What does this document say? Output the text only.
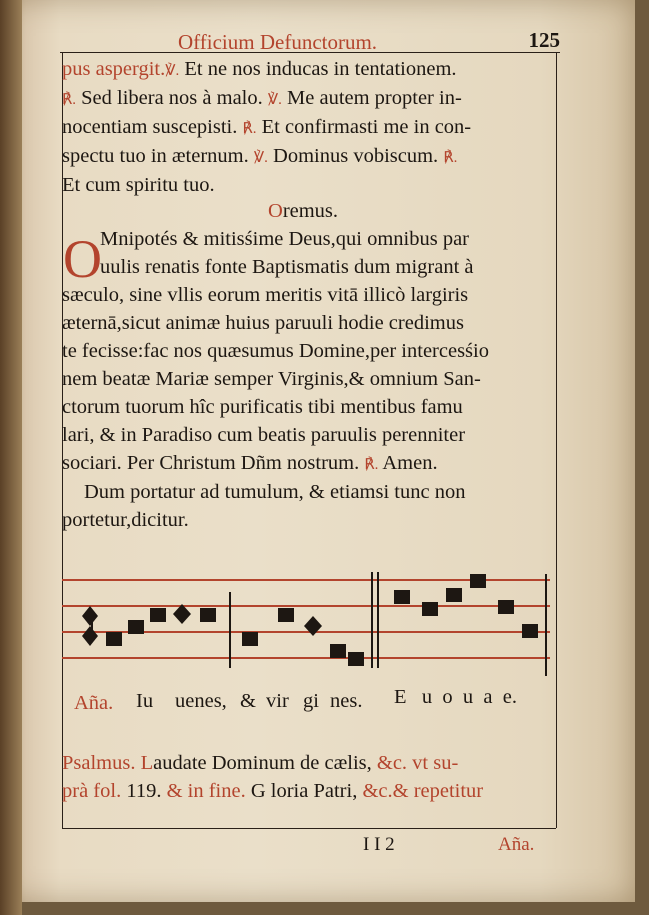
Officium Defunctorum.	125
pus aspergit.℣. Et ne nos inducas in tentationem.
℟. Sed libera nos à malo. ℣. Me autem propter in-
nocentiam suscepisti. ℟. Et confirmasti me in con-
spectu tuo in æternum. ℣. Dominus vobiscum. ℟.
Et cum spiritu tuo.
Oremus.
O
Mnipotés & mitisśime Deus,qui omnibus par
uulis renatis fonte Baptismatis dum migrant à
sæculo, sine vllis eorum meritis vitā illicò largiris
æternā,sicut animæ huius paruuli hodie credimus
te fecisse:fac nos quæsumus Domine,per intercesśio
nem beatæ Mariæ semper Virginis,& omnium San-
ctorum tuorum hîc purificatis tibi mentibus famu
lari, & in Paradiso cum beatis paruulis perenniter
sociari. Per Christum Dñm nostrum. ℟. Amen.
Dum portatur ad tumulum, & etiamsi tunc non
portetur,dicitur.
Aña. Iu uenes, & vir gi nes. E u o u a e.
Psalmus. Laudate Dominum de cælis, &c. vt su-
prà fol. 119. & in fine. G loria Patri, &c.& repetitur
I I 2	Aña.
